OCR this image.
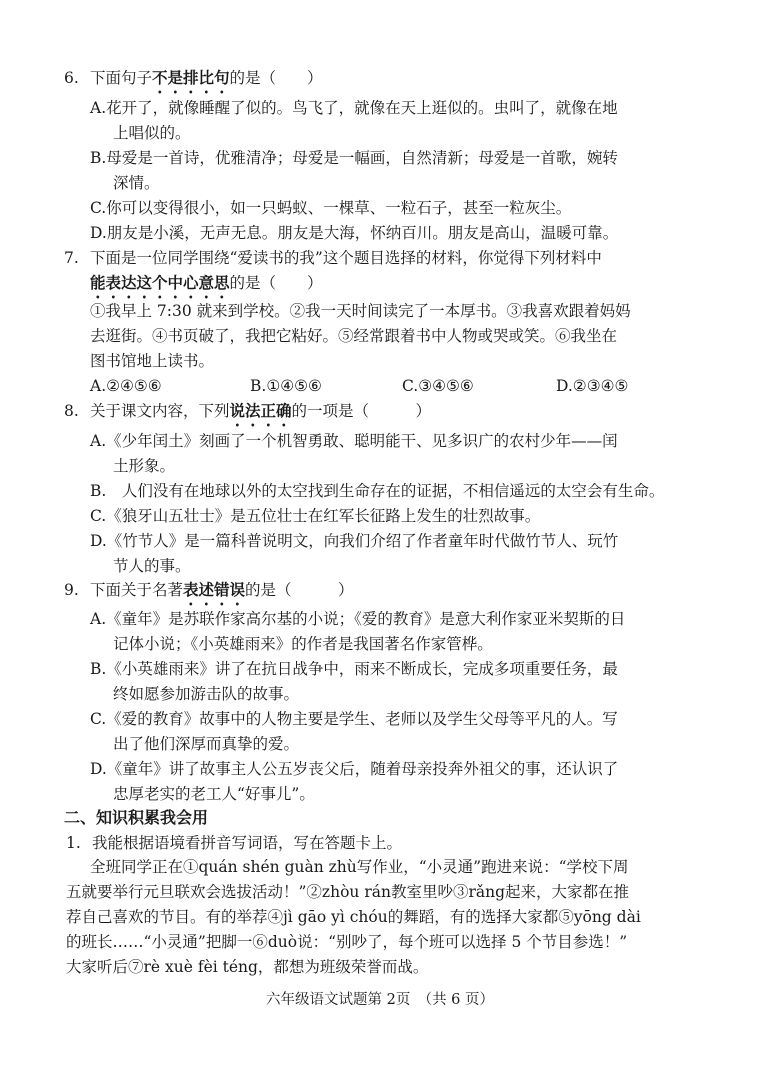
6. 下面句子不是排比句的是（　　）
A.花开了，就像睡醒了似的。鸟飞了，就像在天上逛似的。虫叫了，就像在地
上唱似的。
B.母爱是一首诗，优雅清净；母爱是一幅画，自然清新；母爱是一首歌，婉转
深情。
C.你可以变得很小，如一只蚂蚁、一棵草、一粒石子，甚至一粒灰尘。
D.朋友是小溪，无声无息。朋友是大海，怀纳百川。朋友是高山，温暖可靠。
7. 下面是一位同学围绕“爱读书的我”这个题目选择的材料，你觉得下列材料中
能表达这个中心意思的是（　　）
①我早上 7:30 就来到学校。②我一天时间读完了一本厚书。③我喜欢跟着妈妈
去逛街。④书页破了，我把它粘好。⑤经常跟着书中人物或哭或笑。⑥我坐在
图书馆地上读书。
A.②④⑤⑥	B.①④⑤⑥	C.③④⑤⑥	D.②③④⑤
8. 关于课文内容，下列说法正确的一项是（　　　）
A.《少年闰土》刻画了一个机智勇敢、聪明能干、见多识广的农村少年——闰
土形象。
B.　人们没有在地球以外的太空找到生命存在的证据，不相信遥远的太空会有生命。
C.《狼牙山五壮士》是五位壮士在红军长征路上发生的壮烈故事。
D.《竹节人》是一篇科普说明文，向我们介绍了作者童年时代做竹节人、玩竹
节人的事。
9. 下面关于名著表述错误的是（　　　）
A.《童年》是苏联作家高尔基的小说；《爱的教育》是意大利作家亚米契斯的日
记体小说；《小英雄雨来》的作者是我国著名作家管桦。
B.《小英雄雨来》讲了在抗日战争中，雨来不断成长，完成多项重要任务，最
终如愿参加游击队的故事。
C.《爱的教育》故事中的人物主要是学生、老师以及学生父母等平凡的人。写
出了他们深厚而真挚的爱。
D.《童年》讲了故事主人公五岁丧父后，随着母亲投奔外祖父的事，还认识了
忠厚老实的老工人“好事儿”。
二、知识积累我会用
1. 我能根据语境看拼音写词语，写在答题卡上。
全班同学正在①quán shén guàn zhù写作业，“小灵通”跑进来说：“学校下周
五就要举行元旦联欢会选拔活动！”②zhòu rán教室里吵③rǎng起来，大家都在推
荐自己喜欢的节目。有的举荐④jì gāo yì chóu的舞蹈，有的选择大家都⑤yōng dài
的班长……“小灵通”把脚一⑥duò说：“别吵了，每个班可以选择 5 个节目参选！”
大家听后⑦rè xuè fèi téng，都想为班级荣誉而战。
六年级语文试题第 2页　（共 6 页）
